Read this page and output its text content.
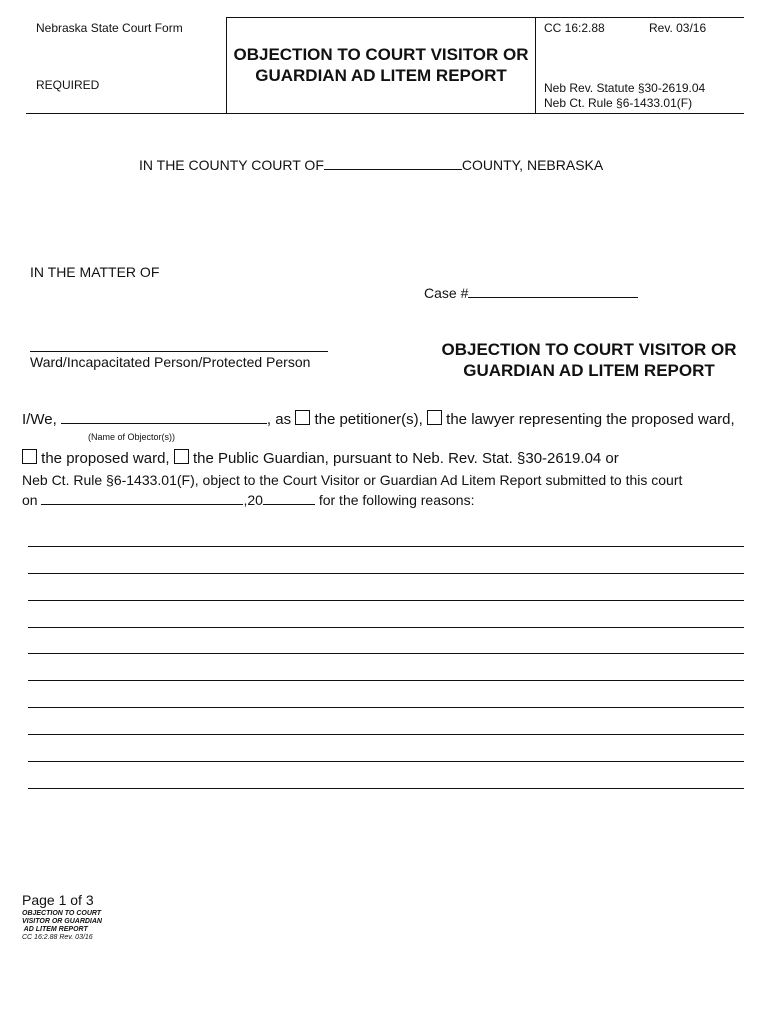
Nebraska State Court Form
REQUIRED
OBJECTION TO COURT VISITOR OR
GUARDIAN AD LITEM REPORT
CC 16:2.88	Rev. 03/16
Neb Rev. Statute §30-2619.04
Neb Ct. Rule §6-1433.01(F)
IN THE COUNTY COURT OF	COUNTY, NEBRASKA
IN THE MATTER OF
Case #
Ward/Incapacitated Person/Protected Person
OBJECTION TO COURT VISITOR OR
GUARDIAN AD LITEM REPORT
I/We,	, as the petitioner(s), the lawyer representing the proposed ward,
(Name of Objector(s))
the proposed ward, the Public Guardian, pursuant to Neb. Rev. Stat. §30-2619.04 or
Neb Ct. Rule §6-1433.01(F), object to the Court Visitor or Guardian Ad Litem Report submitted to this court
on	,20	for the following reasons:
Page 1 of 3
OBJECTION TO COURT
VISITOR OR GUARDIAN
AD LITEM REPORT
CC 16:2.88 Rev. 03/16
